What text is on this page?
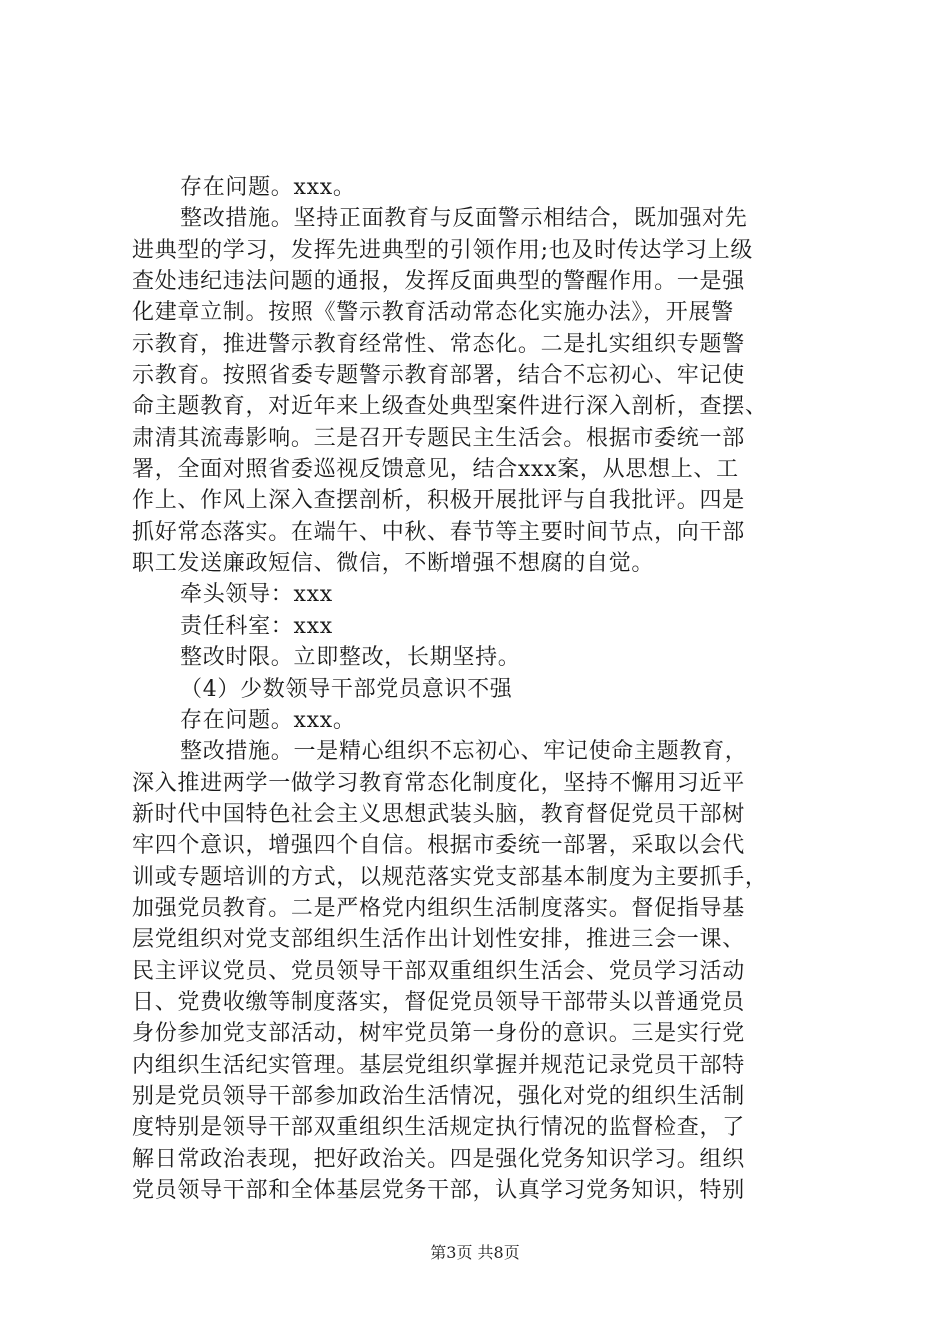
存在问题。xxx。
整改措施。坚持正面教育与反面警示相结合，既加强对先
进典型的学习，发挥先进典型的引领作用;也及时传达学习上级
查处违纪违法问题的通报，发挥反面典型的警醒作用。一是强
化建章立制。按照《警示教育活动常态化实施办法》，开展警
示教育，推进警示教育经常性、常态化。二是扎实组织专题警
示教育。按照省委专题警示教育部署，结合不忘初心、牢记使
命主题教育，对近年来上级查处典型案件进行深入剖析，查摆、
肃清其流毒影响。三是召开专题民主生活会。根据市委统一部
署，全面对照省委巡视反馈意见，结合xxx案，从思想上、工
作上、作风上深入查摆剖析，积极开展批评与自我批评。四是
抓好常态落实。在端午、中秋、春节等主要时间节点，向干部
职工发送廉政短信、微信，不断增强不想腐的自觉。
牵头领导：xxx
责任科室：xxx
整改时限。立即整改，长期坚持。
（4）少数领导干部党员意识不强
存在问题。xxx。
整改措施。一是精心组织不忘初心、牢记使命主题教育，
深入推进两学一做学习教育常态化制度化，坚持不懈用习近平
新时代中国特色社会主义思想武装头脑，教育督促党员干部树
牢四个意识，增强四个自信。根据市委统一部署，采取以会代
训或专题培训的方式，以规范落实党支部基本制度为主要抓手，
加强党员教育。二是严格党内组织生活制度落实。督促指导基
层党组织对党支部组织生活作出计划性安排，推进三会一课、
民主评议党员、党员领导干部双重组织生活会、党员学习活动
日、党费收缴等制度落实，督促党员领导干部带头以普通党员
身份参加党支部活动，树牢党员第一身份的意识。三是实行党
内组织生活纪实管理。基层党组织掌握并规范记录党员干部特
别是党员领导干部参加政治生活情况，强化对党的组织生活制
度特别是领导干部双重组织生活规定执行情况的监督检查，了
解日常政治表现，把好政治关。四是强化党务知识学习。组织
党员领导干部和全体基层党务干部，认真学习党务知识，特别
第3页 共8页
